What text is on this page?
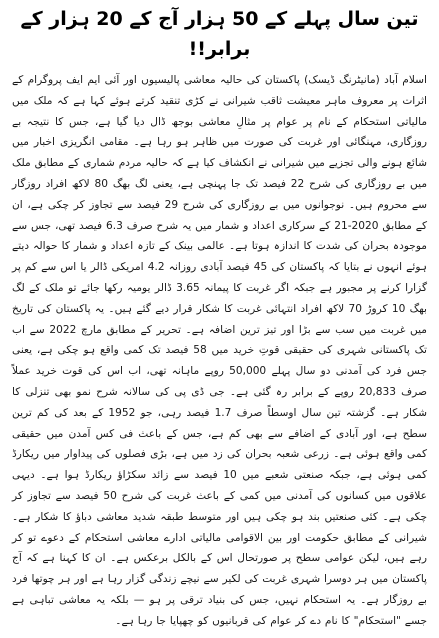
تین سال پہلے کے 50 ہزار آج کے 20 ہزار کے برابر!!

اسلام آباد (مانیٹرنگ ڈیسک) پاکستان کی حالیہ معاشی پالیسیوں اور آئی ایم ایف پروگرام کے اثرات پر معروف ماہر معیشت ثاقب شیرانی نے کڑی تنقید کرتے ہوئے کہا ہے کہ ملک میں مالیاتی استحکام کے نام پر عوام پر مثالِ معاشی بوجھ ڈال دیا گیا ہے، جس کا نتیجہ بے روزگاری، مہنگائی اور غربت کی صورت میں ظاہر ہو رہا ہے۔ مقامی انگریزی اخبار میں شائع ہونے والی تجزیے میں شیرانی نے انکشاف کیا ہے کہ حالیہ مردم شماری کے مطابق ملک میں بے روزگاری کی شرح 22 فیصد تک جا پہنچی ہے، یعنی لگ بھگ 80 لاکھ افراد روزگار سے محروم ہیں۔ نوجوانوں میں بے روزگاری کی شرح 29 فیصد سے تجاوز کر چکی ہے، ان کے مطابق 2020-21 کے سرکاری اعداد و شمار میں یہ شرح صرف 6.3 فیصد تھی، جس سے موجودہ بحران کی شدت کا اندازہ ہوتا ہے۔ عالمی بینک کے تازہ اعداد و شمار کا حوالہ دیتے ہوئے انہوں نے بتایا کہ پاکستان کی 45 فیصد آبادی روزانہ 4.2 امریکی ڈالر یا اس سے کم پر گزارا کرنے پر مجبور ہے جبکہ اگر غربت کا پیمانہ 3.65 ڈالر یومیہ رکھا جائے تو ملک کے لگ بھگ 10 کروڑ 70 لاکھ افراد انتہائی غربت کا شکار قرار دیے گئے ہیں۔ یہ پاکستان کی تاریخ میں غربت میں سب سے بڑا اور تیز ترین اضافہ ہے۔ تحریر کے مطابق مارچ 2022 سے اب تک پاکستانی شہری کی حقیقی قوتِ خرید میں 58 فیصد تک کمی واقع ہو چکی ہے، یعنی جس فرد کی آمدنی دو سال پہلے 50,000 روپے ماہانہ تھی، اب اس کی قوت خرید عملاً صرف 20,833 روپے کے برابر رہ گئی ہے۔ جی ڈی پی کی سالانہ شرح نمو بھی تنزلی کا شکار ہے۔ گزشتہ تین سال اوسطاً صرف 1.7 فیصد رہی، جو 1952 کے بعد کی کم ترین سطح ہے، اور آبادی کے اضافے سے بھی کم ہے، جس کے باعث فی کس آمدن میں حقیقی کمی واقع ہوئی ہے۔ زرعی شعبہ بحران کی زد میں ہے، بڑی فصلوں کی پیداوار میں ریکارڈ کمی ہوئی ہے، جبکہ صنعتی شعبے میں 10 فیصد سے زائد سکڑاؤ ریکارڈ ہوا ہے۔ دیہی علاقوں میں کسانوں کی آمدنی میں کمی کے باعث غربت کی شرح 50 فیصد سے تجاوز کر چکی ہے۔ کئی صنعتیں بند ہو چکی ہیں اور متوسط طبقہ شدید معاشی دباؤ کا شکار ہے۔ شیرانی کے مطابق حکومت اور بین الاقوامی مالیاتی ادارے معاشی استحکام کے دعوے تو کر رہے ہیں، لیکن عوامی سطح پر صورتحال اس کے بالکل برعکس ہے۔ ان کا کہنا ہے کہ آج پاکستان میں ہر دوسرا شہری غربت کی لکیر سے نیچے زندگی گزار رہا ہے اور ہر چوتھا فرد بے روزگار ہے۔ یہ استحکام نہیں، جس کی بنیاد ترقی پر ہو — بلکہ یہ معاشی تباہی ہے جسے "استحکام" کا نام دے کر عوام کی قربانیوں کو چھپایا جا رہا ہے۔
